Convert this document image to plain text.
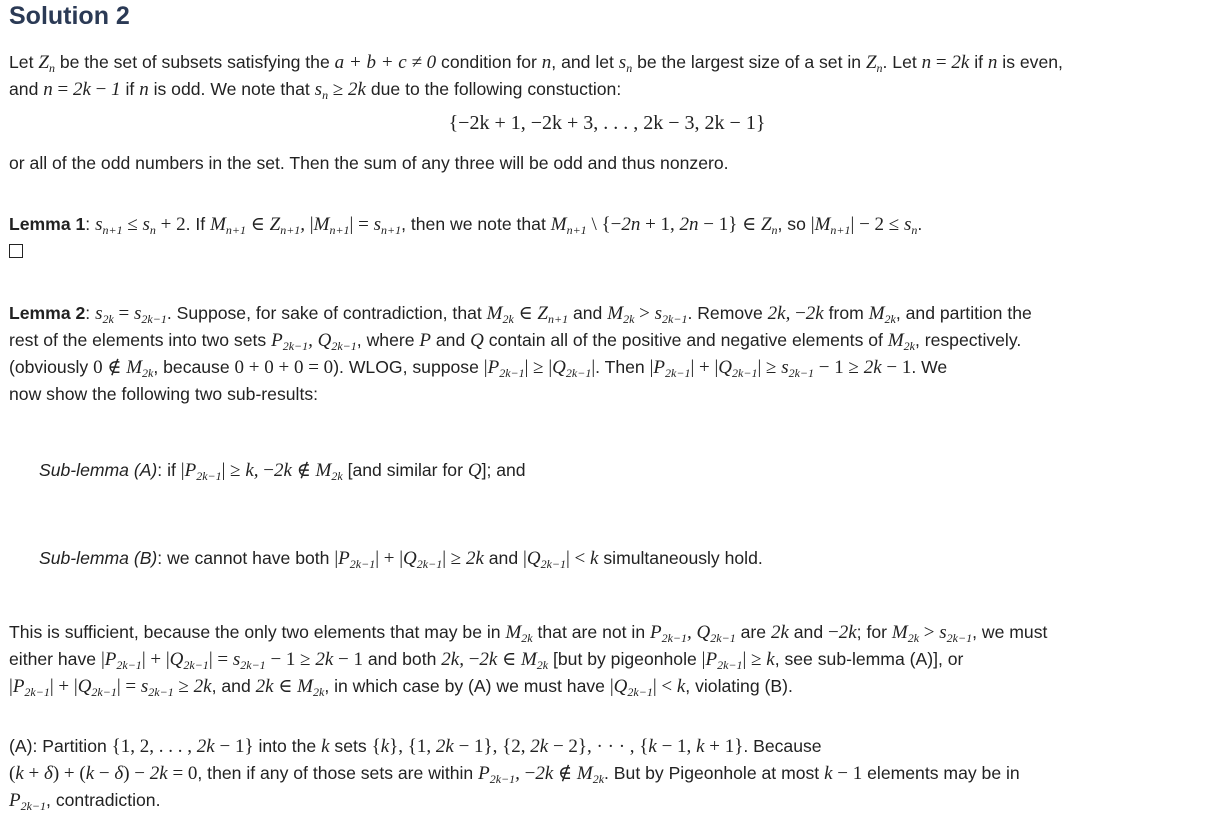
Solution 2
Let $Z_n$ be the set of subsets satisfying the a + b + c ≠ 0 condition for n, and let $s_n$ be the largest size of a set in $Z_n$. Let n = 2k if n is even,
and n = 2k − 1 if n is odd. We note that $s_n \ge 2k$ due to the following constuction:
{−2k + 1, −2k + 3, . . . , 2k − 3, 2k − 1}
or all of the odd numbers in the set. Then the sum of any three will be odd and thus nonzero.
Lemma 1: $s_{n+1} \le s_n + 2$. If $M_{n+1}$ ∈ $Z_{n+1}$, $|M_{n+1}| = s_{n+1}$, then we note that $M_{n+1}$ \ {−2n + 1, 2n − 1} ∈ $Z_n$, so $|M_{n+1}| - 2 \le s_n$.

Lemma 2: $s_{2k} = s_{2k-1}$. Suppose, for sake of contradiction, that $M_{2k}$ ∈ $Z_{n+1}$ and $M_{2k} > s_{2k-1}$. Remove 2k, −2k from $M_{2k}$, and partition the
rest of the elements into two sets $P_{2k-1}$, $Q_{2k-1}$, where P and Q contain all of the positive and negative elements of $M_{2k}$, respectively.
(obviously 0 ∉ $M_{2k}$, because 0 + 0 + 0 = 0). WLOG, suppose $|P_{2k-1}| \ge |Q_{2k-1}|$. Then $|P_{2k-1}| + |Q_{2k-1}| \ge s_{2k-1} - 1 \ge 2k - 1$. We
now show the following two sub-results:
Sub-lemma (A): if $|P_{2k-1}| \ge k$, −2k ∉ $M_{2k}$ [and similar for Q]; and
Sub-lemma (B): we cannot have both $|P_{2k-1}| + |Q_{2k-1}| \ge 2k$ and $|Q_{2k-1}| < k$ simultaneously hold.
This is sufficient, because the only two elements that may be in $M_{2k}$ that are not in $P_{2k-1}$, $Q_{2k-1}$ are 2k and −2k; for $M_{2k} > s_{2k-1}$, we must
either have $|P_{2k-1}| + |Q_{2k-1}| = s_{2k-1} - 1 \ge 2k - 1$ and both 2k, −2k ∈ $M_{2k}$ [but by pigeonhole $|P_{2k-1}| \ge k$, see sub-lemma (A)], or
$|P_{2k-1}| + |Q_{2k-1}| = s_{2k-1} \ge 2k$, and 2k ∈ $M_{2k}$, in which case by (A) we must have $|Q_{2k-1}| < k$, violating (B).
(A): Partition {1, 2, . . . , 2k − 1} into the k sets {k}, {1, 2k − 1}, {2, 2k − 2}, · · · , {k − 1, k + 1}. Because
(k + δ) + (k − δ) − 2k = 0, then if any of those sets are within $P_{2k-1}$, −2k ∉ $M_{2k}$. But by Pigeonhole at most k − 1 elements may be in
$P_{2k-1}$, contradiction.
